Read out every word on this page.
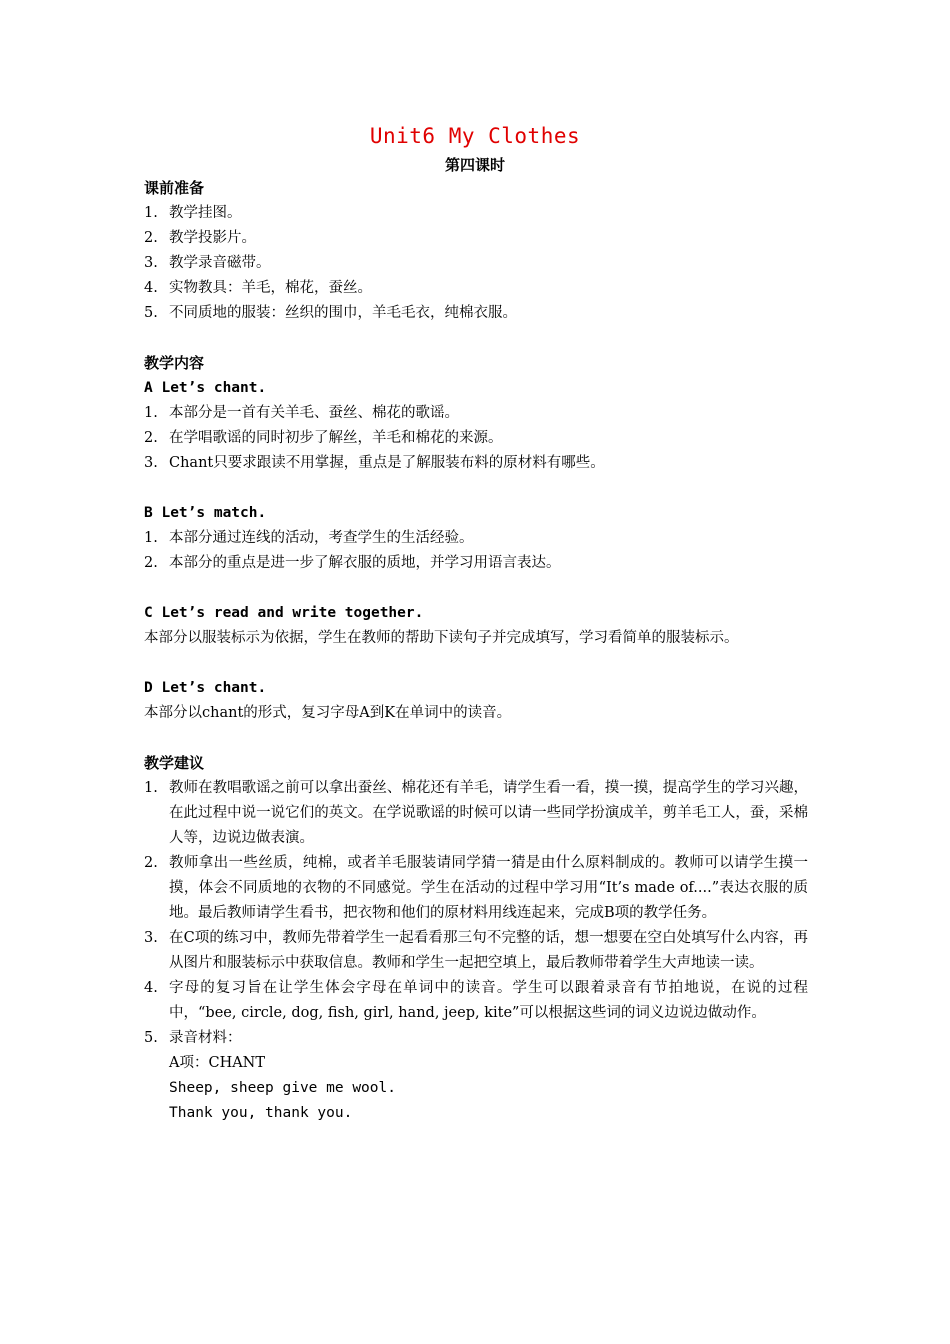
Unit6 My Clothes
第四课时
课前准备
1. 教学挂图。
2. 教学投影片。
3. 教学录音磁带。
4. 实物教具：羊毛，棉花，蚕丝。
5. 不同质地的服装：丝织的围巾，羊毛毛衣，纯棉衣服。
教学内容
A Let’s chant.
1. 本部分是一首有关羊毛、蚕丝、棉花的歌谣。
2. 在学唱歌谣的同时初步了解丝，羊毛和棉花的来源。
3. Chant只要求跟读不用掌握，重点是了解服装布料的原材料有哪些。
B Let’s match.
1. 本部分通过连线的活动，考查学生的生活经验。
2. 本部分的重点是进一步了解衣服的质地，并学习用语言表达。
C Let’s read and write together.
本部分以服装标示为依据，学生在教师的帮助下读句子并完成填写，学习看简单的服装标示。
D Let’s chant.
本部分以chant的形式，复习字母A到K在单词中的读音。
教学建议
1. 教师在教唱歌谣之前可以拿出蚕丝、棉花还有羊毛，请学生看一看，摸一摸，提高学生的学习兴趣，在此过程中说一说它们的英文。在学说歌谣的时候可以请一些同学扮演成羊，剪羊毛工人，蚕，采棉人等，边说边做表演。
2. 教师拿出一些丝质，纯棉，或者羊毛服装请同学猜一猜是由什么原料制成的。教师可以请学生摸一摸，体会不同质地的衣物的不同感觉。学生在活动的过程中学习用“It’s made of....”表达衣服的质地。最后教师请学生看书，把衣物和他们的原材料用线连起来，完成B项的教学任务。
3. 在C项的练习中，教师先带着学生一起看看那三句不完整的话，想一想要在空白处填写什么内容，再从图片和服装标示中获取信息。教师和学生一起把空填上，最后教师带着学生大声地读一读。
4. 字母的复习旨在让学生体会字母在单词中的读音。学生可以跟着录音有节拍地说，在说的过程中，“bee, circle, dog, fish, girl, hand, jeep, kite”可以根据这些词的词义边说边做动作。
5. 录音材料：
A项：CHANT
Sheep, sheep give me wool.
Thank you, thank you.
